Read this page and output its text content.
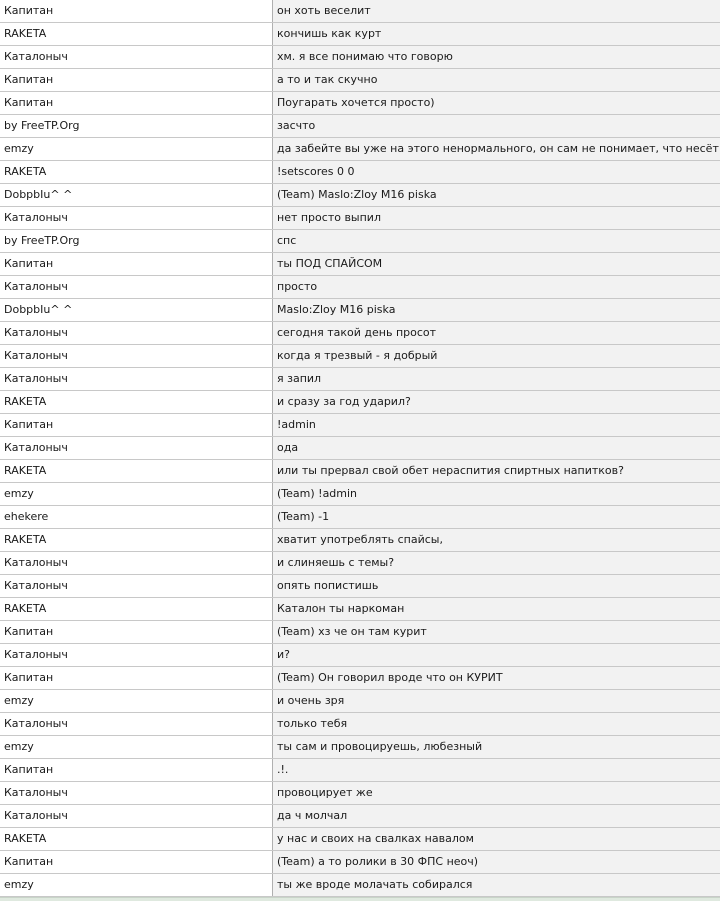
Капитан	он хоть веселит
RAKETA	кончишь как курт
Каталоныч	хм. я все понимаю что говорю
Капитан	а то и так скучно
Капитан	Поугарать хочется просто)
by FreeTP.Org	засчто
emzy	да забейте вы уже на этого ненормального, он сам не понимает, что несёт
RAKETA	!setscores 0 0
DobpbIu^ ^	(Team) Maslo:Zloy M16 piska
Каталоныч	нет просто выпил
by FreeTP.Org	спс
Капитан	ты ПОД СПАЙСОМ
Каталоныч	просто
DobpbIu^ ^	Maslo:Zloy M16 piska
Каталоныч	сегодня такой день просот
Каталоныч	когда я трезвый - я добрый
Каталоныч	я запил
RAKETA	и сразу за год ударил?
Капитан	!admin
Каталоныч	ода
RAKETA	или ты прервал свой обет нераспития спиртных напитков?
emzy	(Team) !admin
ehekere	(Team) -1
RAKETA	хватит употреблять спайсы,
Каталоныч	и слиняешь с темы?
Каталоныч	опять попистишь
RAKETA	Каталон ты наркоман
Капитан	(Team) хз че он там курит
Каталоныч	и?
Капитан	(Team) Он говорил вроде что он КУРИТ
emzy	и очень зря
Каталоныч	только тебя
emzy	ты сам и провоцируешь, любезный
Капитан	.!.
Каталоныч	провоцирует же
Каталоныч	да ч молчал
RAKETA	у нас и своих на свалках навалом
Капитан	(Team) а то ролики в 30 ФПС неоч)
emzy	ты же вроде молачать собирался
